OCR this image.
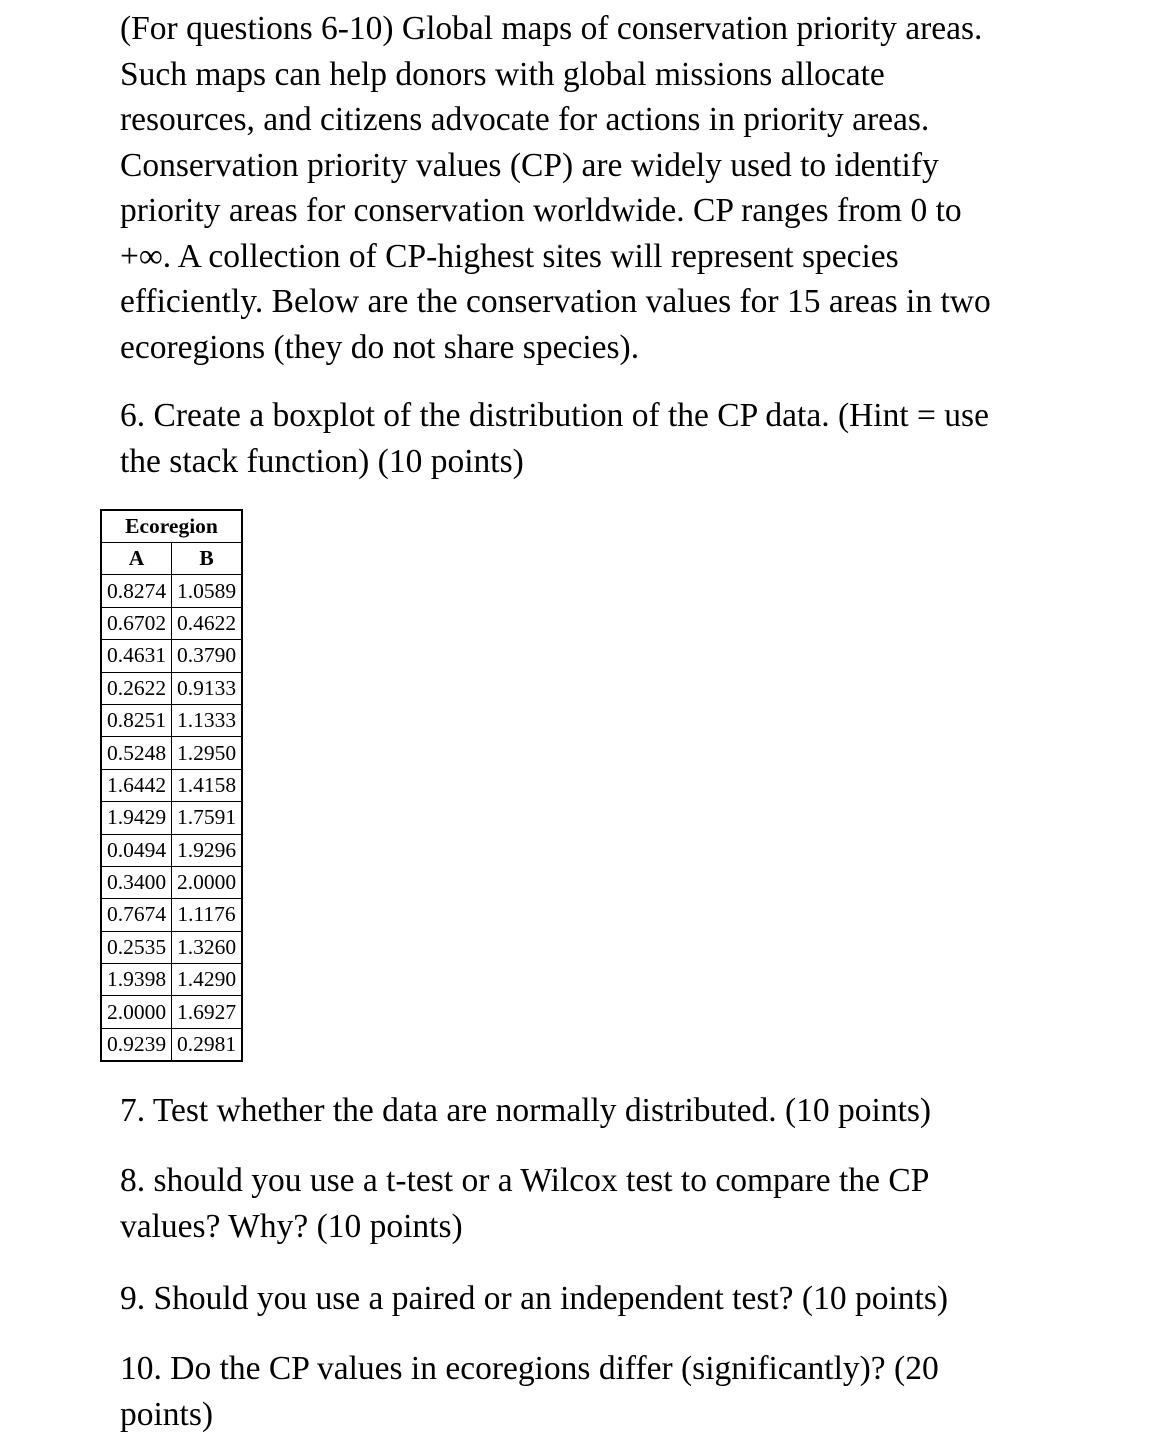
(For questions 6-10) Global maps of conservation priority areas.
Such maps can help donors with global missions allocate
resources, and citizens advocate for actions in priority areas.
Conservation priority values (CP) are widely used to identify
priority areas for conservation worldwide. CP ranges from 0 to
+∞. A collection of CP-highest sites will represent species
efficiently. Below are the conservation values for 15 areas in two
ecoregions (they do not share species).

6. Create a boxplot of the distribution of the CP data. (Hint = use
the stack function) (10 points)

Ecoregion	
A	B
0.8274	1.0589
0.6702	0.4622
0.4631	0.3790
0.2622	0.9133
0.8251	1.1333
0.5248	1.2950
1.6442	1.4158
1.9429	1.7591
0.0494	1.9296
0.3400	2.0000
0.7674	1.1176
0.2535	1.3260
1.9398	1.4290
2.0000	1.6927
0.9239	0.2981

7. Test whether the data are normally distributed. (10 points)

8. should you use a t-test or a Wilcox test to compare the CP
values? Why? (10 points)

9. Should you use a paired or an independent test? (10 points)

10. Do the CP values in ecoregions differ (significantly)? (20
points)
